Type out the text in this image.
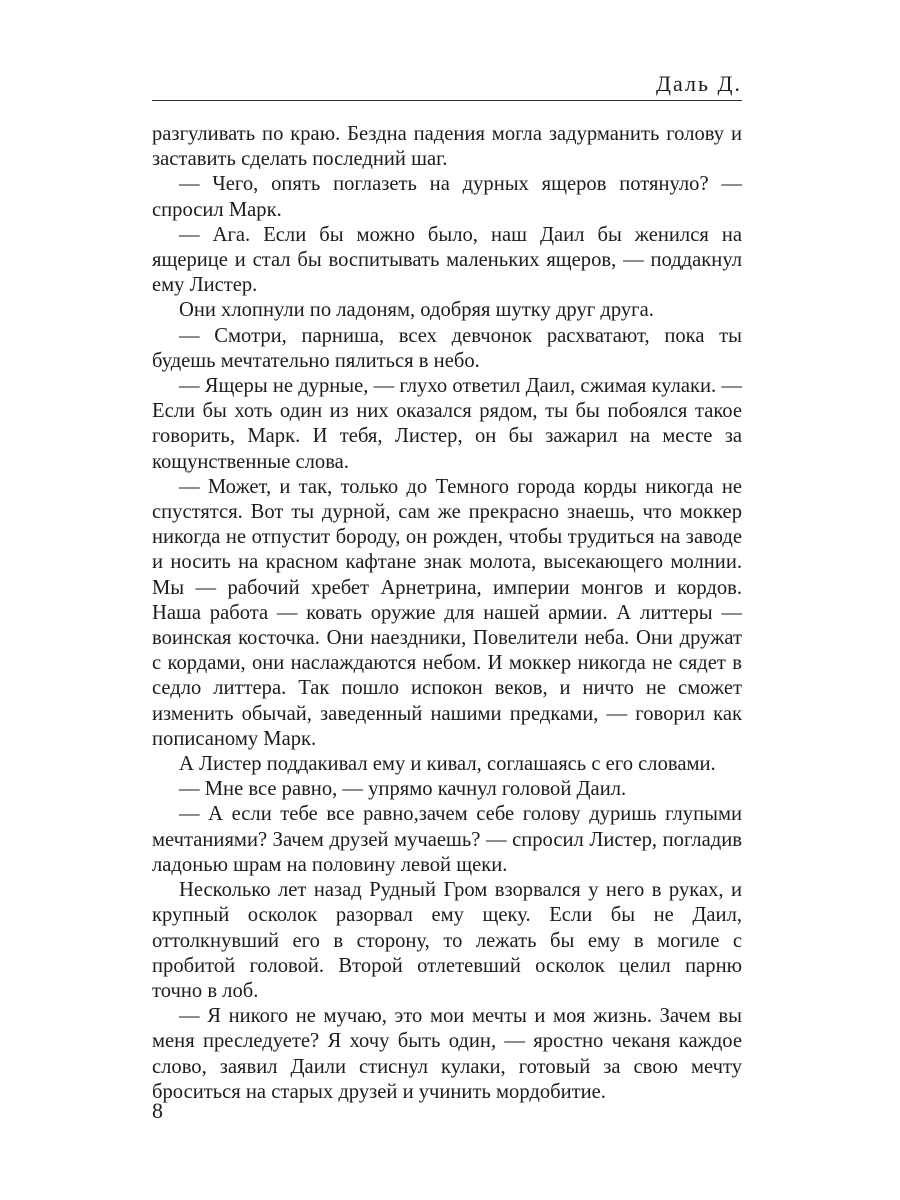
Даль Д.

разгуливать по краю. Бездна падения могла задурманить голову и заставить сделать последний шаг.

— Чего, опять поглазеть на дурных ящеров потянуло? — спросил Марк.

— Ага. Если бы можно было, наш Даил бы женился на ящерице и стал бы воспитывать маленьких ящеров, — поддакнул ему Листер.

Они хлопнули по ладоням, одобряя шутку друг друга.

— Смотри, парниша, всех девчонок расхватают, пока ты будешь мечтательно пялиться в небо.

— Ящеры не дурные, — глухо ответил Даил, сжимая кулаки. — Если бы хоть один из них оказался рядом, ты бы побоялся такое говорить, Марк. И тебя, Листер, он бы зажарил на месте за кощунственные слова.

— Может, и так, только до Темного города корды никогда не спустятся. Вот ты дурной, сам же прекрасно знаешь, что моккер никогда не отпустит бороду, он рожден, чтобы трудиться на заводе и носить на красном кафтане знак молота, высекающего молнии. Мы — рабочий хребет Арнетрина, империи монгов и кордов. Наша работа — ковать оружие для нашей армии. А литтеры — воинская косточка. Они наездники, Повелители неба. Они дружат с кордами, они наслаждаются небом. И моккер никогда не сядет в седло литтера. Так пошло испокон веков, и ничто не сможет изменить обычай, заведенный нашими предками, — говорил как пописаному Марк.

А Листер поддакивал ему и кивал, соглашаясь с его словами.

— Мне все равно, — упрямо качнул головой Даил.

— А если тебе все равно,зачем себе голову дуришь глупыми мечтаниями? Зачем друзей мучаешь? — спросил Листер, погладив ладонью шрам на половину левой щеки.

Несколько лет назад Рудный Гром взорвался у него в руках, и крупный осколок разорвал ему щеку. Если бы не Даил, оттолкнувший его в сторону, то лежать бы ему в могиле с пробитой головой. Второй отлетевший осколок целил парню точно в лоб.

— Я никого не мучаю, это мои мечты и моя жизнь. Зачем вы меня преследуете? Я хочу быть один, — яростно чеканя каждое слово, заявил Даили стиснул кулаки, готовый за свою мечту броситься на старых друзей и учинить мордобитие.

8
